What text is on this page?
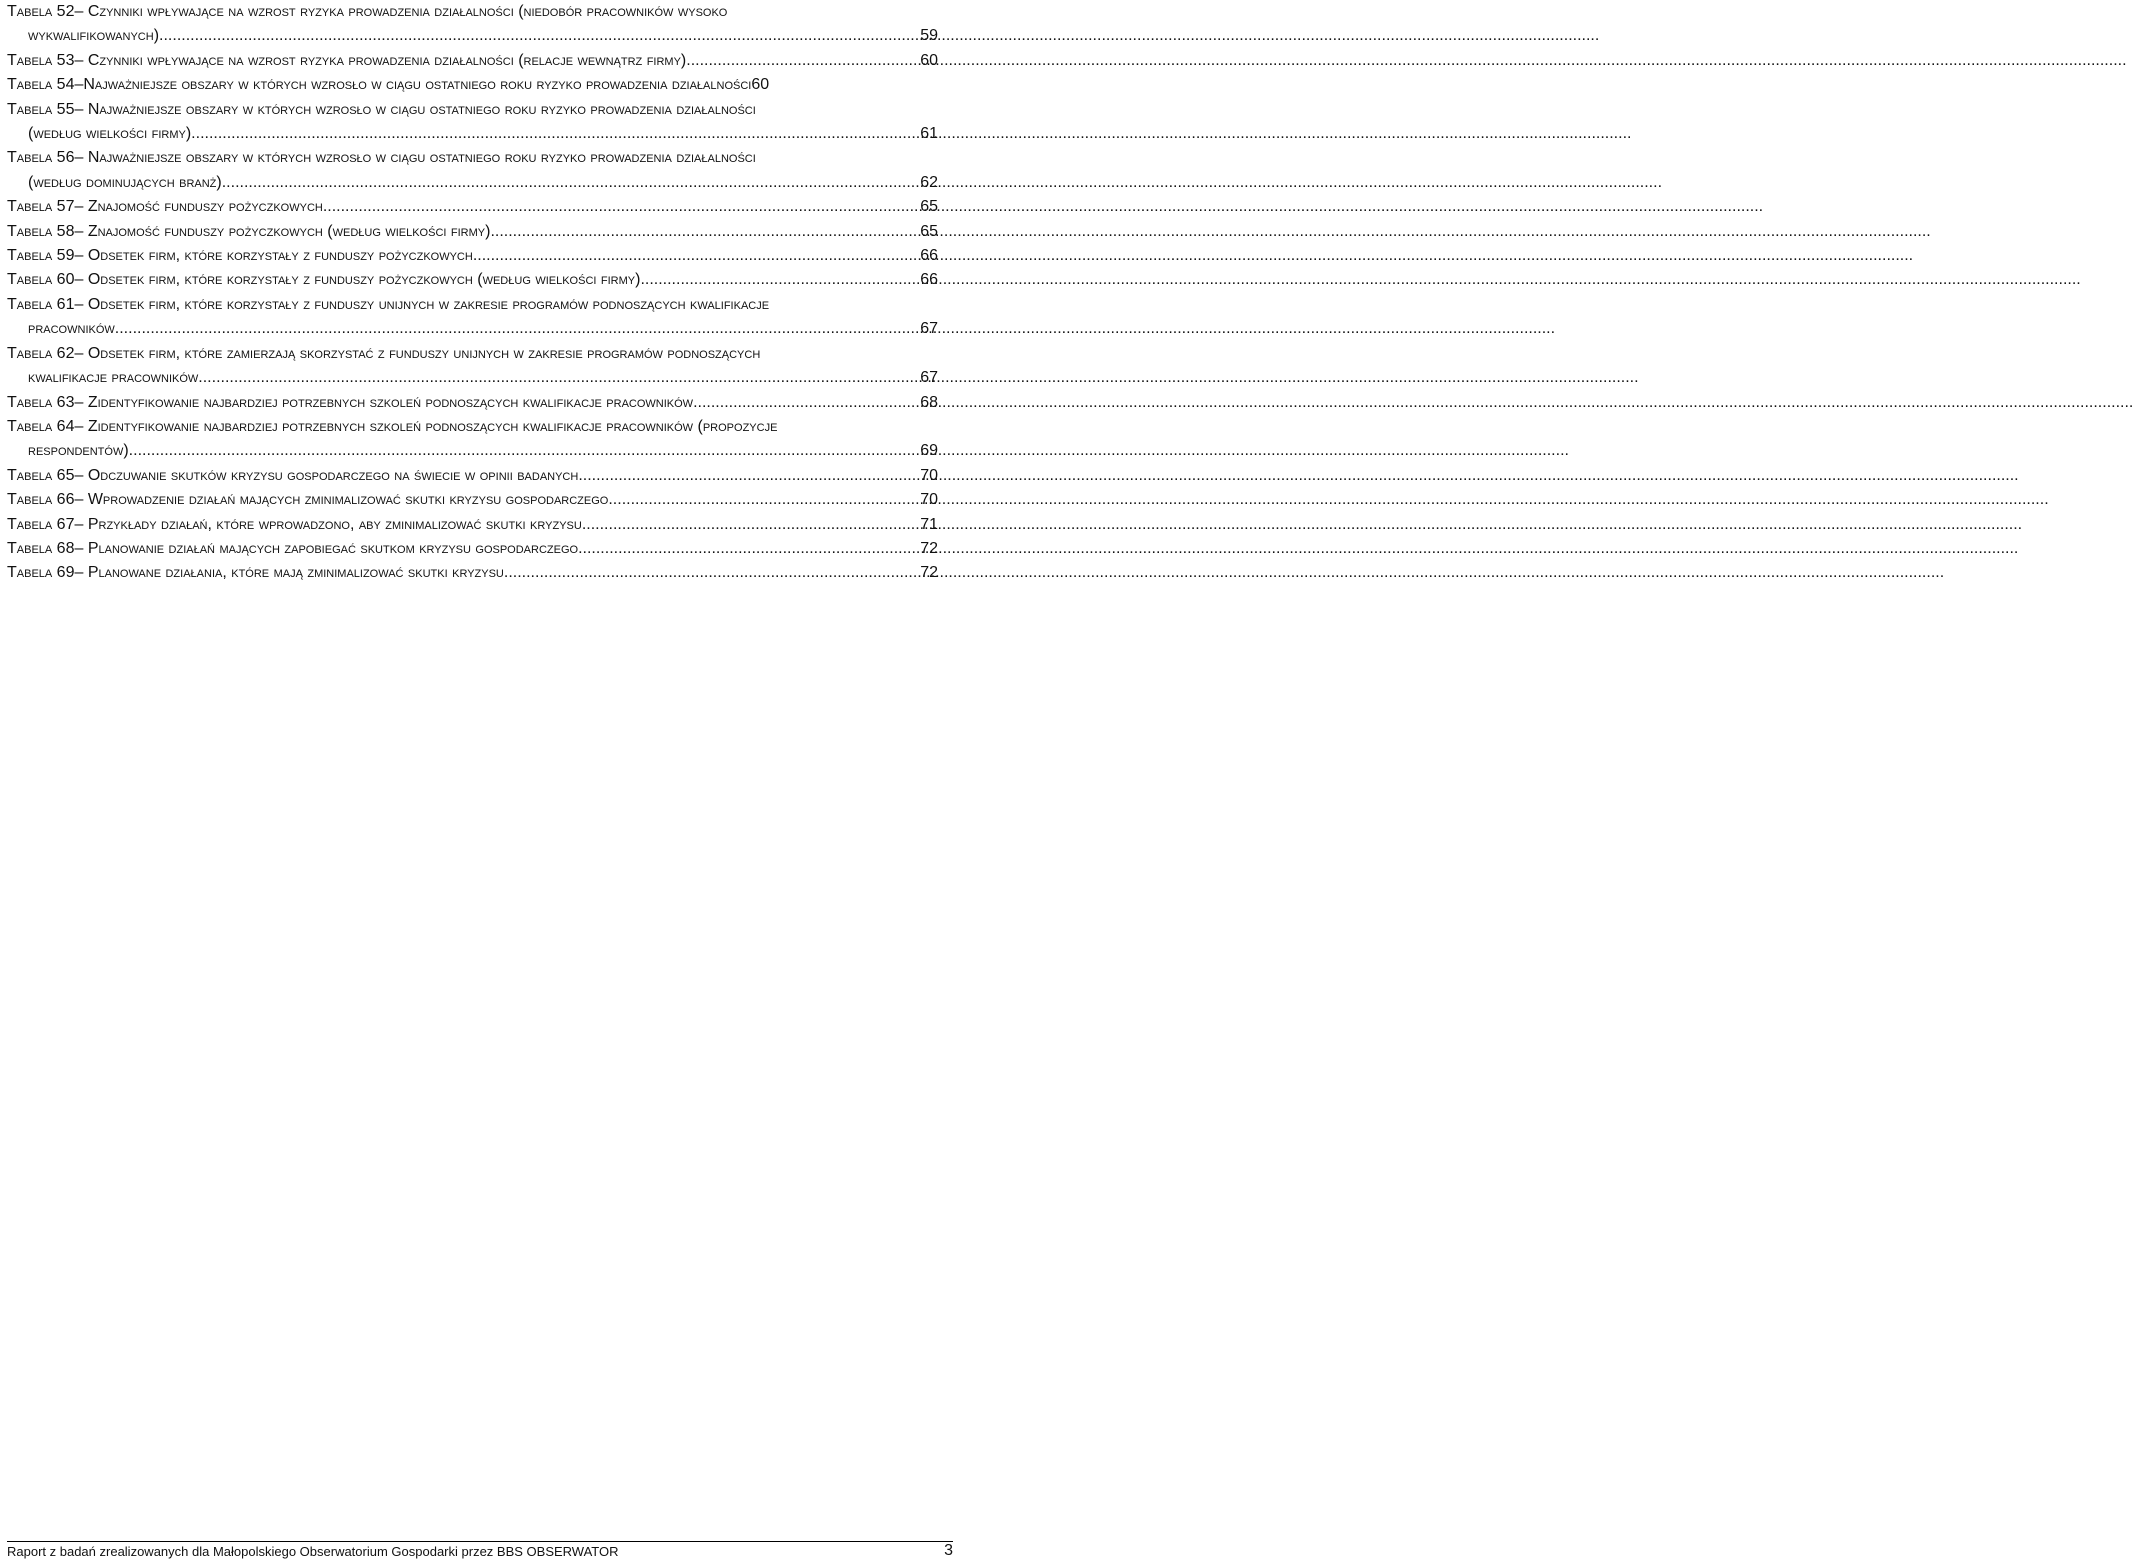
Tabela 52– Czynniki wpływające na wzrost ryzyka prowadzenia działalności (niedobór pracowników wysoko
wykwalifikowanych) .....	59
Tabela 53– Czynniki wpływające na wzrost ryzyka prowadzenia działalności (relacje wewnątrz firmy) .....	60
Tabela 54–Najważniejsze obszary w których wzrosło w ciągu ostatniego roku ryzyko prowadzenia działalności 60
Tabela 55– Najważniejsze obszary w których wzrosło w ciągu ostatniego roku ryzyko prowadzenia działalności
(według wielkości firmy) .....	61
Tabela 56– Najważniejsze obszary w których wzrosło w ciągu ostatniego roku ryzyko prowadzenia działalności
(według dominujących branż) .....	62
Tabela 57– Znajomość funduszy pożyczkowych .....	65
Tabela 58– Znajomość funduszy pożyczkowych (według wielkości firmy) .....	65
Tabela 59– Odsetek firm, które korzystały z funduszy pożyczkowych .....	66
Tabela 60– Odsetek firm, które korzystały z funduszy pożyczkowych (według wielkości firmy) .....	66
Tabela 61– Odsetek firm, które korzystały z funduszy unijnych w zakresie programów podnoszących kwalifikacje
pracowników .....	67
Tabela 62– Odsetek firm, które zamierzają skorzystać z funduszy unijnych w zakresie programów podnoszących
kwalifikacje pracowników .....	67
Tabela 63– Zidentyfikowanie najbardziej potrzebnych szkoleń podnoszących kwalifikacje pracowników .....	68
Tabela 64– Zidentyfikowanie najbardziej potrzebnych szkoleń podnoszących kwalifikacje pracowników (propozycje
respondentów) .....	69
Tabela 65– Odczuwanie skutków kryzysu gospodarczego na świecie w opinii badanych .....	70
Tabela 66– Wprowadzenie działań mających zminimalizować skutki kryzysu gospodarczego .....	70
Tabela 67– Przykłady działań, które wprowadzono, aby zminimalizować skutki kryzysu .....	71
Tabela 68– Planowanie działań mających zapobiegać skutkom kryzysu gospodarczego .....	72
Tabela 69– Planowane działania, które mają zminimalizować skutki kryzysu .....	72
Raport z badań zrealizowanych dla Małopolskiego Obserwatorium Gospodarki przez BBS OBSERWATOR	3
